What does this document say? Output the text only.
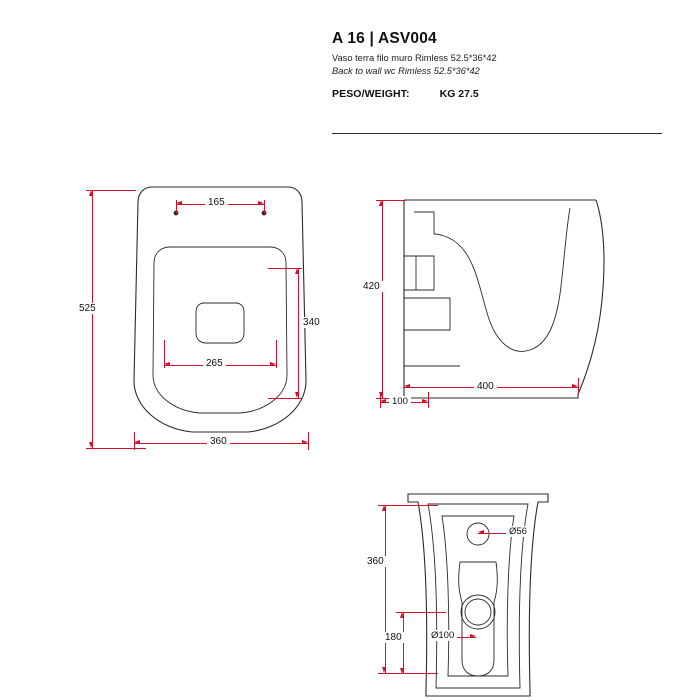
A 16 | ASV004
Vaso terra filo muro Rimless 52.5*36*42
Back to wall wc Rimless 52.5*36*42
PESO/WEIGHT:	KG 27.5
165
525
340
265
360
420
400
100
360
180
Ø56
Ø100
